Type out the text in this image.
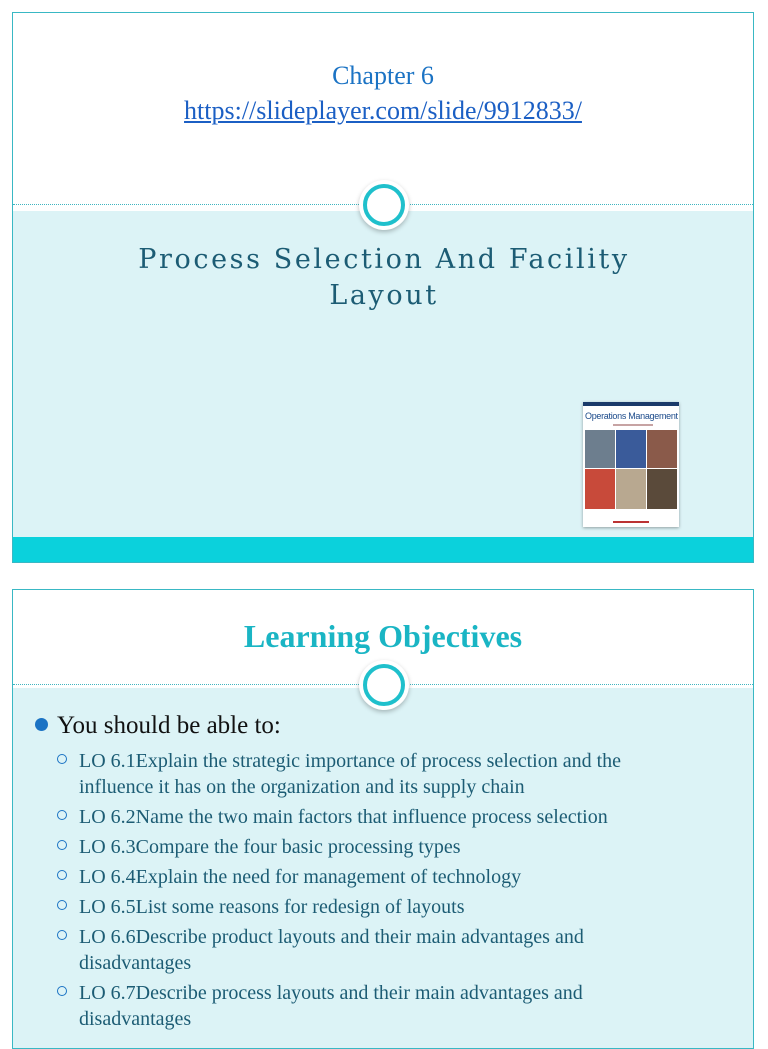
Chapter 6
https://slideplayer.com/slide/9912833/
Process Selection And Facility Layout
Operations Management
Learning Objectives
You should be able to:
LO 6.1Explain the strategic importance of process selection and the influence it has on the organization and its supply chain
LO 6.2Name the two main factors that influence process selection
LO 6.3Compare the four basic processing types
LO 6.4Explain the need for management of technology
LO 6.5List some reasons for redesign of layouts
LO 6.6Describe product layouts and their main advantages and disadvantages
LO 6.7Describe process layouts and their main advantages and disadvantages
